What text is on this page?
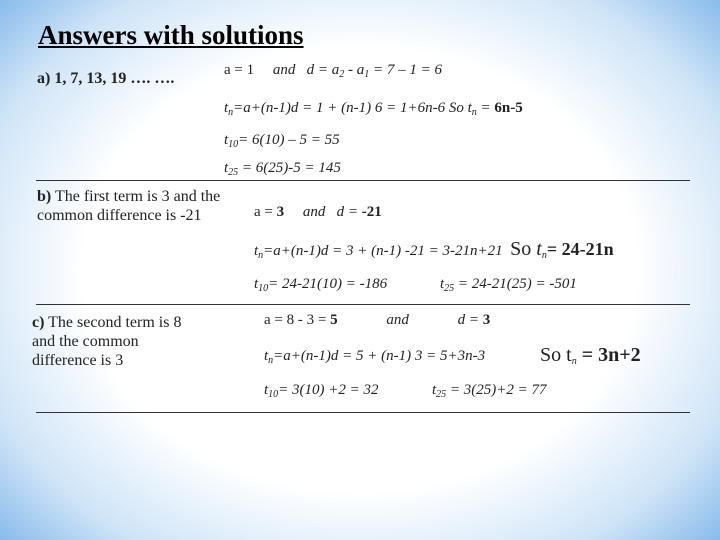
Answers with solutions
a) 1, 7, 13, 19 …. ….	a = 1 and $d = a_2 - a_1 = 7 - 1 = 6$
$t_n=a+(n-1)d = 1 + (n-1) 6 = 1+6n-6$ So $t_n = 6n-5$
$t_{10}= 6(10) - 5 = 55$
$t_{25} = 6(25)-5 = 145$
b) The first term is 3 and the common difference is -21	a = 3 and d = -21
$t_n=a+(n-1)d = 3 + (n-1) -21 = 3-21n+21$ So $t_n= 24-21n$
$t_{10}= 24-21(10) = -186$	$t_{25} = 24-21(25) = -501$
c) The second term is 8 and the common difference is 3
a = 8 - 3 = 5	and	d = 3
$t_n=a+(n-1)d = 5 + (n-1) 3 = 5+3n-3$	So $t_n = 3n+2$
$t_{10}= 3(10) +2 = 32$	$t_{25} = 3(25)+2 = 77$
